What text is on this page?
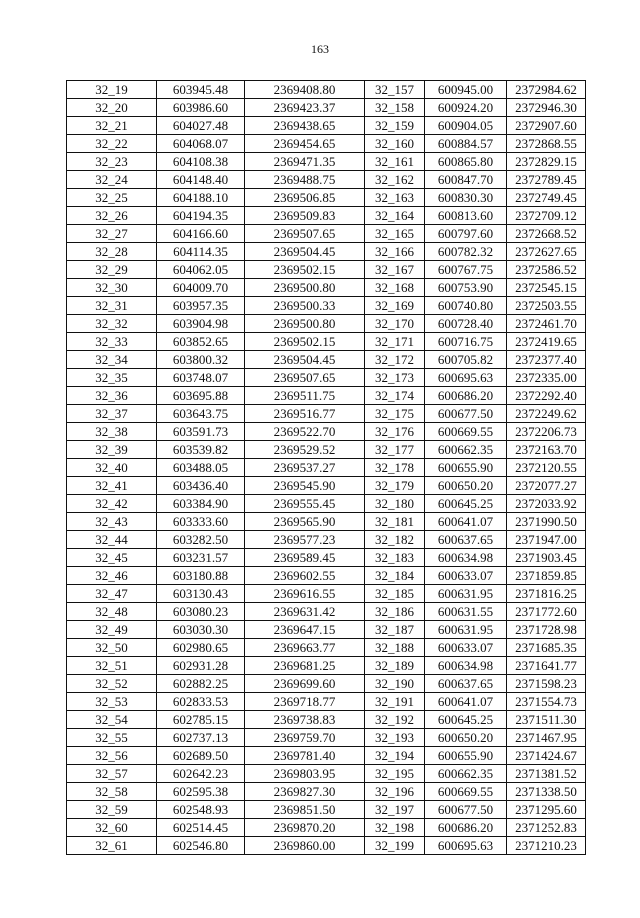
163
32_19	603945.48	2369408.80	32_157	600945.00	2372984.62
32_20	603986.60	2369423.37	32_158	600924.20	2372946.30
32_21	604027.48	2369438.65	32_159	600904.05	2372907.60
32_22	604068.07	2369454.65	32_160	600884.57	2372868.55
32_23	604108.38	2369471.35	32_161	600865.80	2372829.15
32_24	604148.40	2369488.75	32_162	600847.70	2372789.45
32_25	604188.10	2369506.85	32_163	600830.30	2372749.45
32_26	604194.35	2369509.83	32_164	600813.60	2372709.12
32_27	604166.60	2369507.65	32_165	600797.60	2372668.52
32_28	604114.35	2369504.45	32_166	600782.32	2372627.65
32_29	604062.05	2369502.15	32_167	600767.75	2372586.52
32_30	604009.70	2369500.80	32_168	600753.90	2372545.15
32_31	603957.35	2369500.33	32_169	600740.80	2372503.55
32_32	603904.98	2369500.80	32_170	600728.40	2372461.70
32_33	603852.65	2369502.15	32_171	600716.75	2372419.65
32_34	603800.32	2369504.45	32_172	600705.82	2372377.40
32_35	603748.07	2369507.65	32_173	600695.63	2372335.00
32_36	603695.88	2369511.75	32_174	600686.20	2372292.40
32_37	603643.75	2369516.77	32_175	600677.50	2372249.62
32_38	603591.73	2369522.70	32_176	600669.55	2372206.73
32_39	603539.82	2369529.52	32_177	600662.35	2372163.70
32_40	603488.05	2369537.27	32_178	600655.90	2372120.55
32_41	603436.40	2369545.90	32_179	600650.20	2372077.27
32_42	603384.90	2369555.45	32_180	600645.25	2372033.92
32_43	603333.60	2369565.90	32_181	600641.07	2371990.50
32_44	603282.50	2369577.23	32_182	600637.65	2371947.00
32_45	603231.57	2369589.45	32_183	600634.98	2371903.45
32_46	603180.88	2369602.55	32_184	600633.07	2371859.85
32_47	603130.43	2369616.55	32_185	600631.95	2371816.25
32_48	603080.23	2369631.42	32_186	600631.55	2371772.60
32_49	603030.30	2369647.15	32_187	600631.95	2371728.98
32_50	602980.65	2369663.77	32_188	600633.07	2371685.35
32_51	602931.28	2369681.25	32_189	600634.98	2371641.77
32_52	602882.25	2369699.60	32_190	600637.65	2371598.23
32_53	602833.53	2369718.77	32_191	600641.07	2371554.73
32_54	602785.15	2369738.83	32_192	600645.25	2371511.30
32_55	602737.13	2369759.70	32_193	600650.20	2371467.95
32_56	602689.50	2369781.40	32_194	600655.90	2371424.67
32_57	602642.23	2369803.95	32_195	600662.35	2371381.52
32_58	602595.38	2369827.30	32_196	600669.55	2371338.50
32_59	602548.93	2369851.50	32_197	600677.50	2371295.60
32_60	602514.45	2369870.20	32_198	600686.20	2371252.83
32_61	602546.80	2369860.00	32_199	600695.63	2371210.23
